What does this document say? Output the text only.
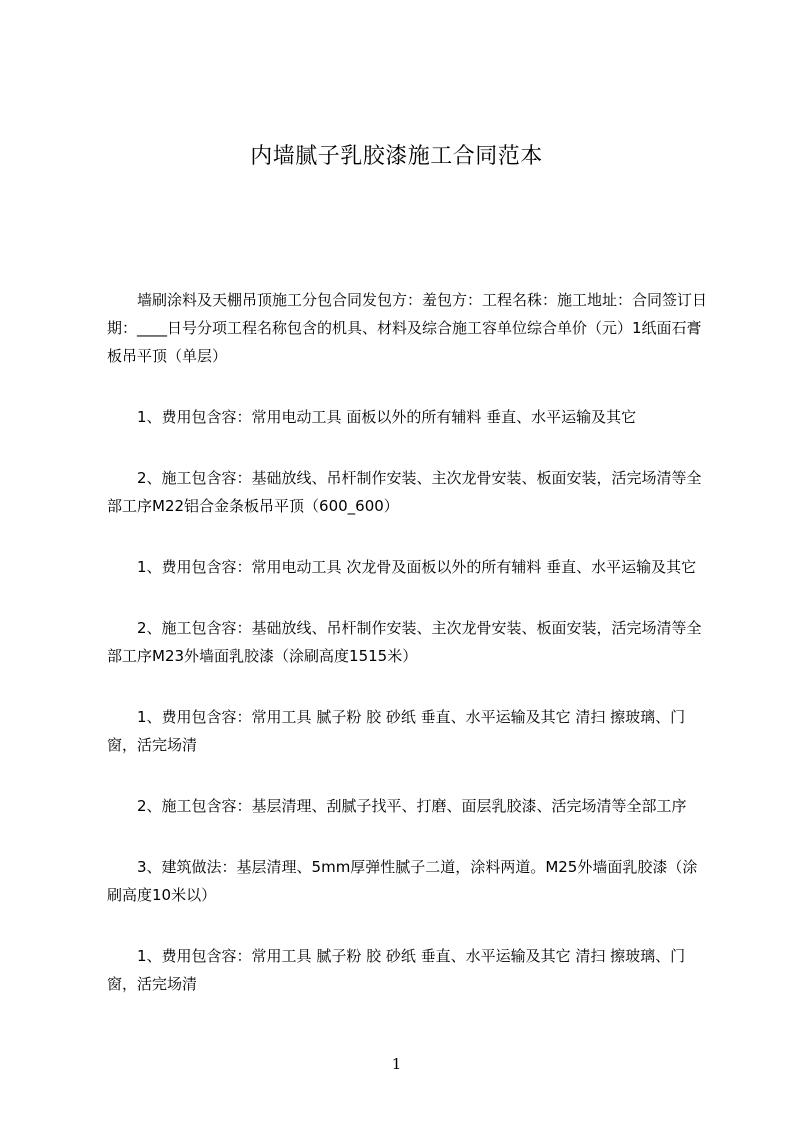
内墙腻子乳胶漆施工合同范本

墙刷涂料及天棚吊顶施工分包合同发包方：羞包方：工程名秼：施工地址：合同签订日期：____日号分项工程名称包含的机具、材料及综合施工容单位综合单价（元）1纸面石膏板吊平顶（单层）

1、费用包含容：常用电动工具 面板以外的所有辅料 垂直、水平运输及其它

2、施工包含容：基础放线、吊杆制作安装、主次龙骨安装、板面安装，活完场清等全部工序M22铝合金条板吊平顶（600_600）

1、费用包含容：常用电动工具 次龙骨及面板以外的所有辅料 垂直、水平运输及其它

2、施工包含容：基础放线、吊杆制作安装、主次龙骨安装、板面安装，活完场清等全部工序M23外墙面乳胶漆（涂刷高度1515米）

1、费用包含容：常用工具 腻子粉 胶 砂纸 垂直、水平运输及其它 清扫 擦玻璃、门窗，活完场清

2、施工包含容：基层清理、刮腻子找平、打磨、面层乳胶漆、活完场清等全部工序

3、建筑做法：基层清理、5mm厚弹性腻子二道，涂料两道。M25外墙面乳胶漆（涂刷高度10米以）

1、费用包含容：常用工具 腻子粉 胶 砂纸 垂直、水平运输及其它 清扫 擦玻璃、门窗，活完场清

1
